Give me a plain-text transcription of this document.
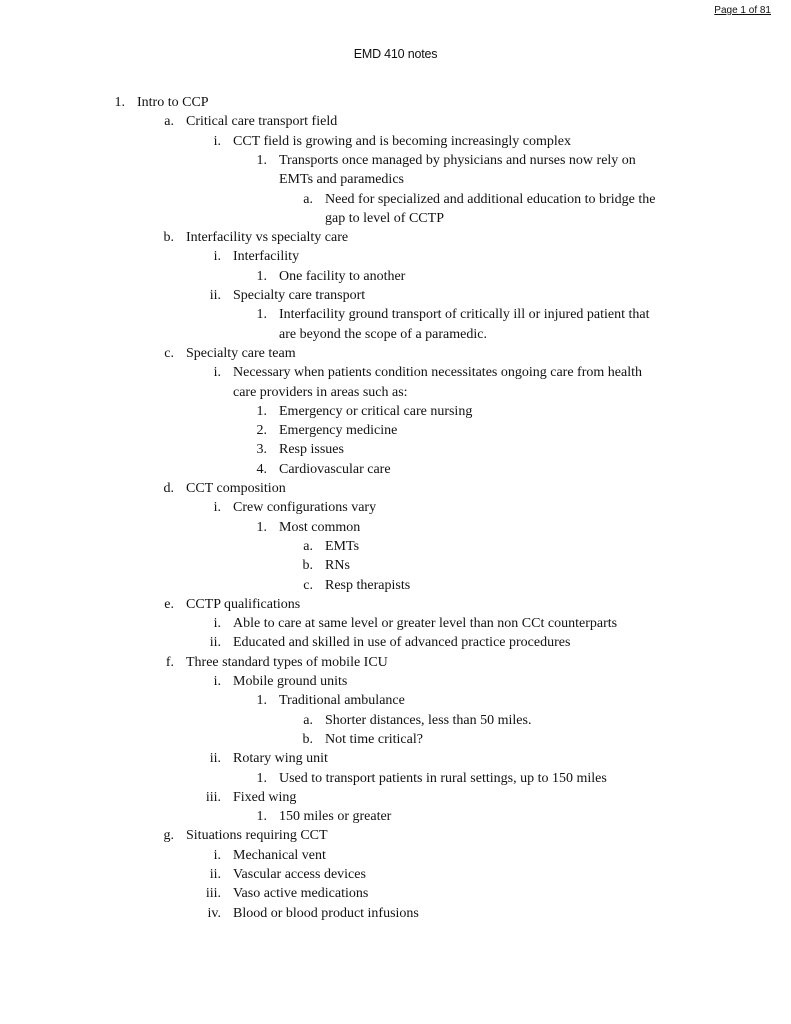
Page 1 of 81
EMD 410 notes
1. Intro to CCP
a. Critical care transport field
i. CCT field is growing and is becoming increasingly complex
1. Transports once managed by physicians and nurses now rely on
EMTs and paramedics
a. Need for specialized and additional education to bridge the
gap to level of CCTP
b. Interfacility vs specialty care
i. Interfacility
1. One facility to another
ii. Specialty care transport
1. Interfacility ground transport of critically ill or injured patient that
are beyond the scope of a paramedic.
c. Specialty care team
i. Necessary when patients condition necessitates ongoing care from health
care providers in areas such as:
1. Emergency or critical care nursing
2. Emergency medicine
3. Resp issues
4. Cardiovascular care
d. CCT composition
i. Crew configurations vary
1. Most common
a. EMTs
b. RNs
c. Resp therapists
e. CCTP qualifications
i. Able to care at same level or greater level than non CCt counterparts
ii. Educated and skilled in use of advanced practice procedures
f. Three standard types of mobile ICU
i. Mobile ground units
1. Traditional ambulance
a. Shorter distances, less than 50 miles.
b. Not time critical?
ii. Rotary wing unit
1. Used to transport patients in rural settings, up to 150 miles
iii. Fixed wing
1. 150 miles or greater
g. Situations requiring CCT
i. Mechanical vent
ii. Vascular access devices
iii. Vaso active medications
iv. Blood or blood product infusions
